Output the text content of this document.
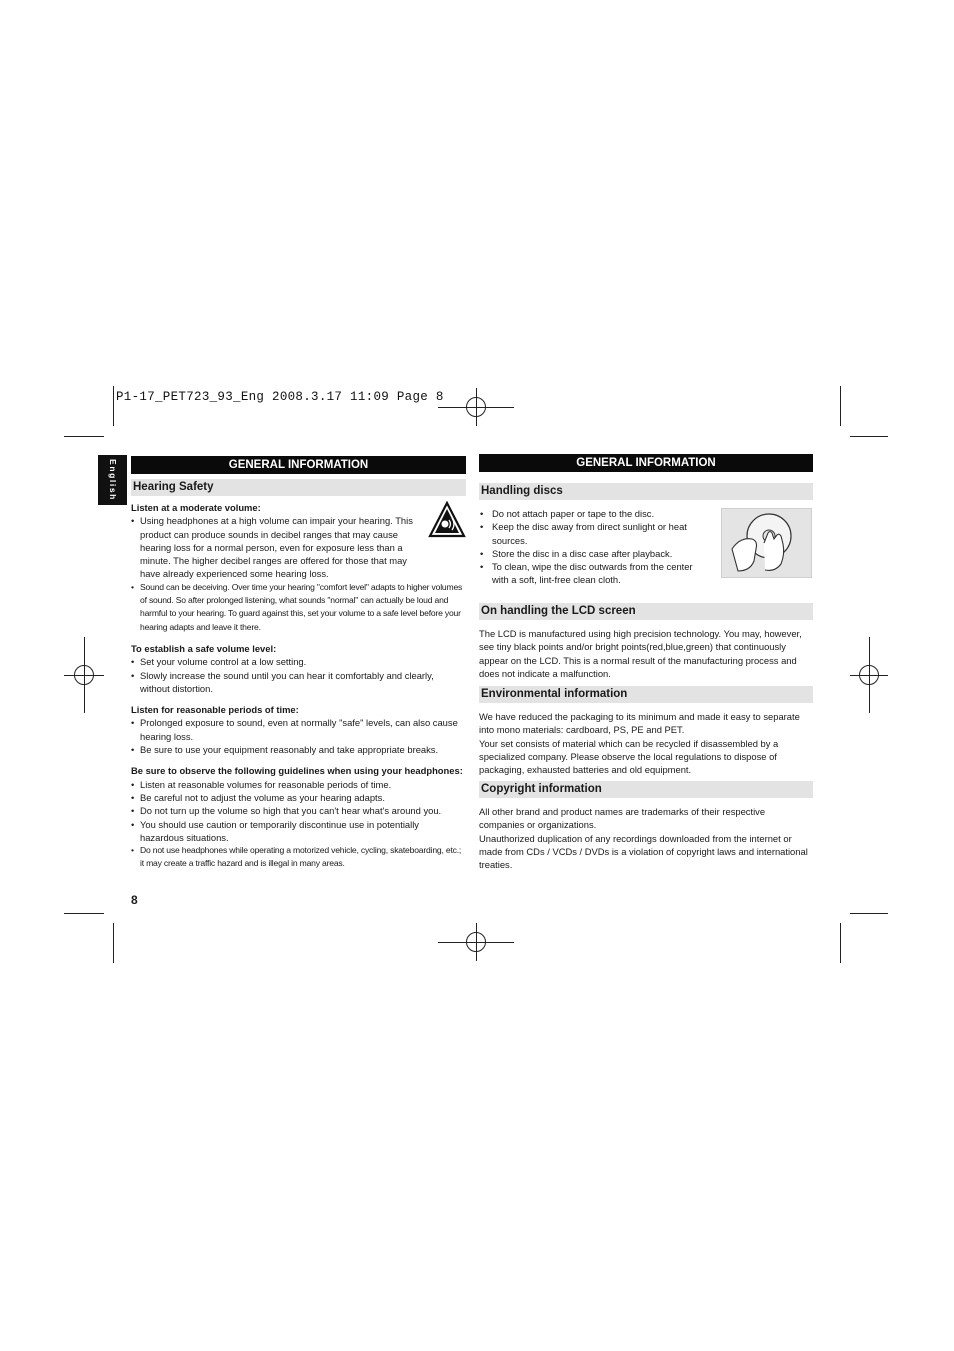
P1-17_PET723_93_Eng 2008.3.17 11:09 Page 8
English	GENERAL INFORMATION
Hearing Safety

Listen at a moderate volume:

• Using headphones at a high volume can impair your hearing. This product can produce sounds in decibel ranges that may cause hearing loss for a normal person, even for exposure less than a minute. The higher decibel ranges are offered for those that may have already experienced some hearing loss.
• Sound can be deceiving. Over time your hearing "comfort level" adapts to higher volumes of sound. So after prolonged listening, what sounds "normal" can actually be loud and harmful to your hearing. To guard against this, set your volume to a safe level before your hearing adapts and leave it there.

To establish a safe volume level:

• Set your volume control at a low setting.
• Slowly increase the sound until you can hear it comfortably and clearly, without distortion.

Listen for reasonable periods of time:

• Prolonged exposure to sound, even at normally "safe" levels, can also cause hearing loss.
• Be sure to use your equipment reasonably and take appropriate breaks.

Be sure to observe the following guidelines when using your headphones:

• Listen at reasonable volumes for reasonable periods of time.
• Be careful not to adjust the volume as your hearing adapts.
• Do not turn up the volume so high that you can't hear what's around you.
• You should use caution or temporarily discontinue use in potentially hazardous situations.
• Do not use headphones while operating a motorized vehicle, cycling, skateboarding, etc.; it may create a traffic hazard and is illegal in many areas.
8
GENERAL INFORMATION
Handling discs
• Do not attach paper or tape to the disc.
• Keep the disc away from direct sunlight or heat sources.
• Store the disc in a disc case after playback.
• To clean, wipe the disc outwards from the center with a soft, lint-free clean cloth.
On handling the LCD screen

The LCD is manufactured using high precision technology. You may, however, see tiny black points and/or bright points(red,blue,green) that continuously appear on the LCD. This is a normal result of the manufacturing process and does not indicate a malfunction.

Environmental information

We have reduced the packaging to its minimum and made it easy to separate into mono materials: cardboard, PS, PE and PET.

Your set consists of material which can be recycled if disassembled by a specialized company. Please observe the local regulations to dispose of packaging, exhausted batteries and old equipment.

Copyright information

All other brand and product names are trademarks of their respective companies or organizations.

Unauthorized duplication of any recordings downloaded from the internet or made from CDs / VCDs / DVDs is a violation of copyright laws and international treaties.
